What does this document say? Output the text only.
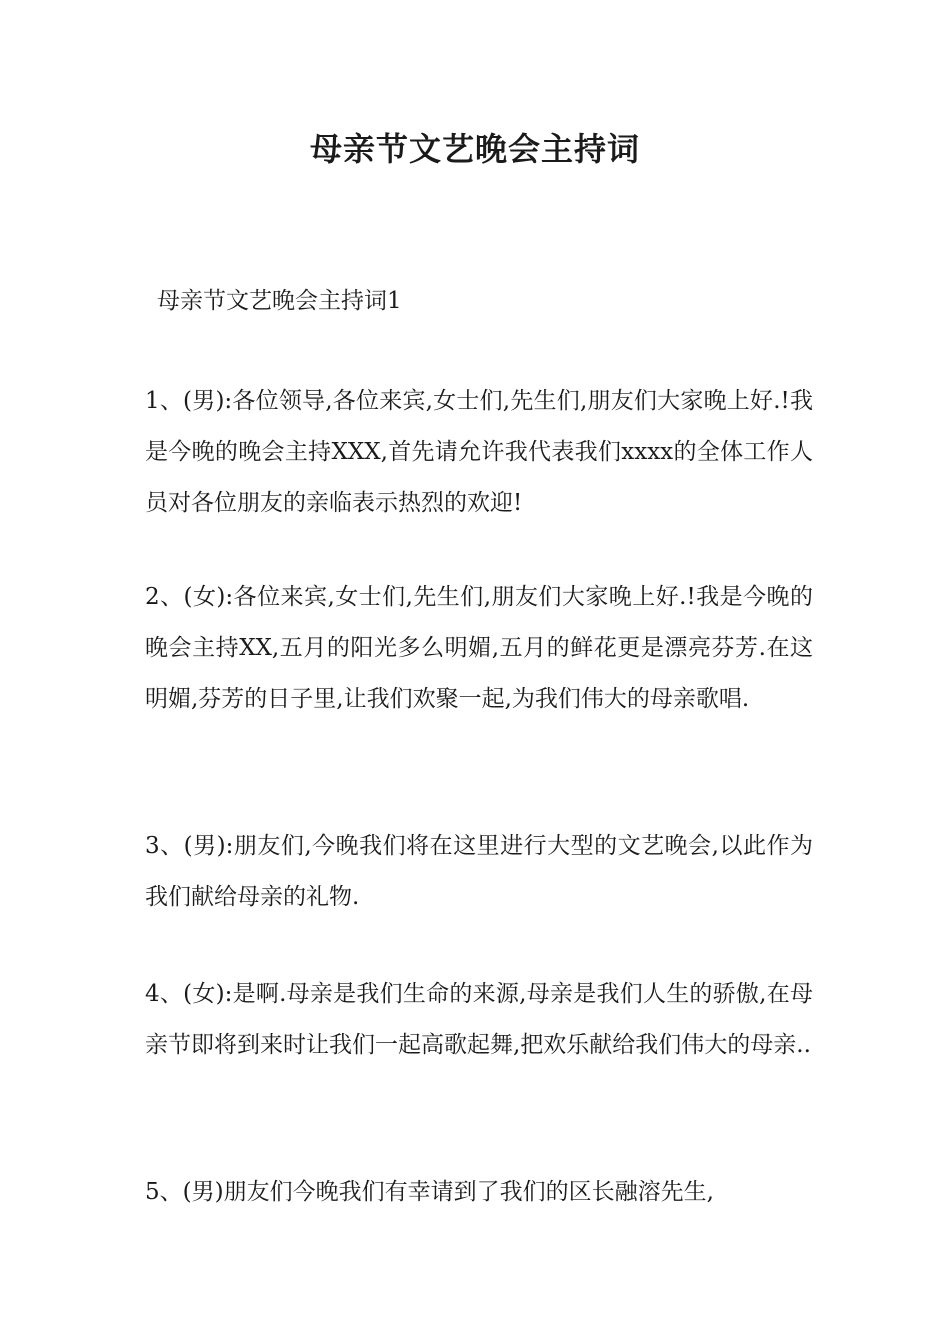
母亲节文艺晚会主持词
母亲节文艺晚会主持词1

1、(男):各位领导,各位来宾,女士们,先生们,朋友们大家晚上好.!我是今晚的晚会主持XXX,首先请允许我代表我们xxxx的全体工作人员对各位朋友的亲临表示热烈的欢迎!

2、(女):各位来宾,女士们,先生们,朋友们大家晚上好.!我是今晚的晚会主持XX,五月的阳光多么明媚,五月的鲜花更是漂亮芬芳.在这明媚,芬芳的日子里,让我们欢聚一起,为我们伟大的母亲歌唱.

3、(男):朋友们,今晚我们将在这里进行大型的文艺晚会,以此作为我们献给母亲的礼物.

4、(女):是啊.母亲是我们生命的来源,母亲是我们人生的骄傲,在母亲节即将到来时让我们一起高歌起舞,把欢乐献给我们伟大的母亲..

5、(男)朋友们今晚我们有幸请到了我们的区长融溶先生,
